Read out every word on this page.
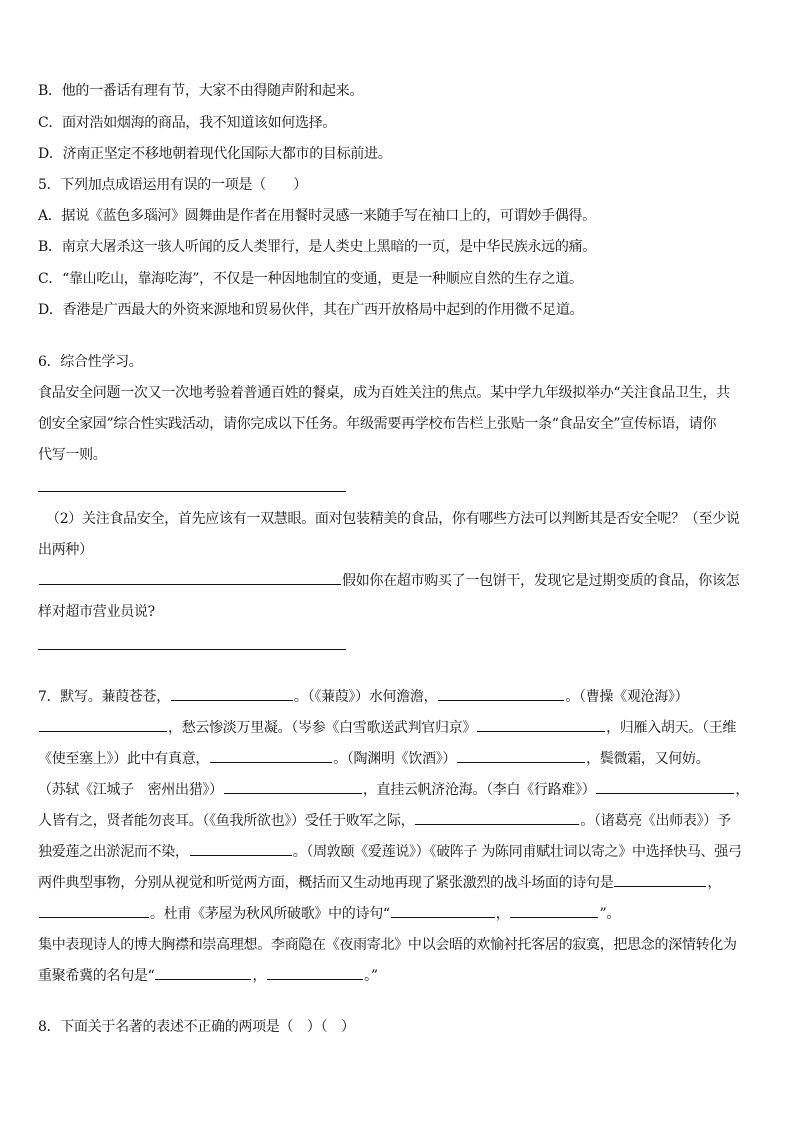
B．他的一番话有理有节，大家不由得随声附和起来。
C．面对浩如烟海的商品，我不知道该如何选择。
D．济南正坚定不移地朝着现代化国际大都市的目标前进。
5．下列加点成语运用有误的一项是（　　）
A．据说《蓝色多瑙河》圆舞曲是作者在用餐时灵感一来随手写在袖口上的，可谓妙手偶得。
B．南京大屠杀这一骇人听闻的反人类罪行，是人类史上黑暗的一页，是中华民族永远的痛。
C．“靠山吃山，靠海吃海”，不仅是一种因地制宜的变通，更是一种顺应自然的生存之道。
D．香港是广西最大的外资来源地和贸易伙伴，其在广西开放格局中起到的作用微不足道。
6．综合性学习。
食品安全问题一次又一次地考验着普通百姓的餐桌，成为百姓关注的焦点。某中学九年级拟举办“关注食品卫生，共
创安全家园”综合性实践活动，请你完成以下任务。年级需要再学校布告栏上张贴一条“食品安全”宣传标语，请你
代写一则。
（2）关注食品安全，首先应该有一双慧眼。面对包装精美的食品，你有哪些方法可以判断其是否安全呢？（至少说
出两种）
假如你在超市购买了一包饼干，发现它是过期变质的食品，你该怎
样对超市营业员说?
7．默写。蒹葭苍苍，	。（《蒹葭》）水何澹澹，	。（曹操《观沧海》）
，愁云惨淡万里凝。（岑参《白雪歌送武判官归京》	，归雁入胡天。（王维
《使至塞上》）此中有真意，	。（陶渊明《饮酒》）	，鬓微霜，又何妨。
（苏轼《江城子　密州出猎》）	，直挂云帆济沧海。（李白《行路难》）	，
人皆有之，贤者能勿丧耳。（《鱼我所欲也》）受任于败军之际，	。（诸葛亮《出师表》）予
独爱莲之出淤泥而不染，	。（周敦颐《爱莲说》）《破阵子 为陈同甫赋壮词以寄之》中选择快马、强弓
两件典型事物，分别从视觉和听觉两方面，概括而又生动地再现了紧张激烈的战斗场面的诗句是	，
。杜甫《茅屋为秋风所破歌》中的诗句“	，	”。
集中表现诗人的博大胸襟和崇高理想。李商隐在《夜雨寄北》中以会晤的欢愉衬托客居的寂寞，把思念的深情转化为
重聚希冀的名句是“	，	。”
8．下面关于名著的表述不正确的两项是（　）（　）
